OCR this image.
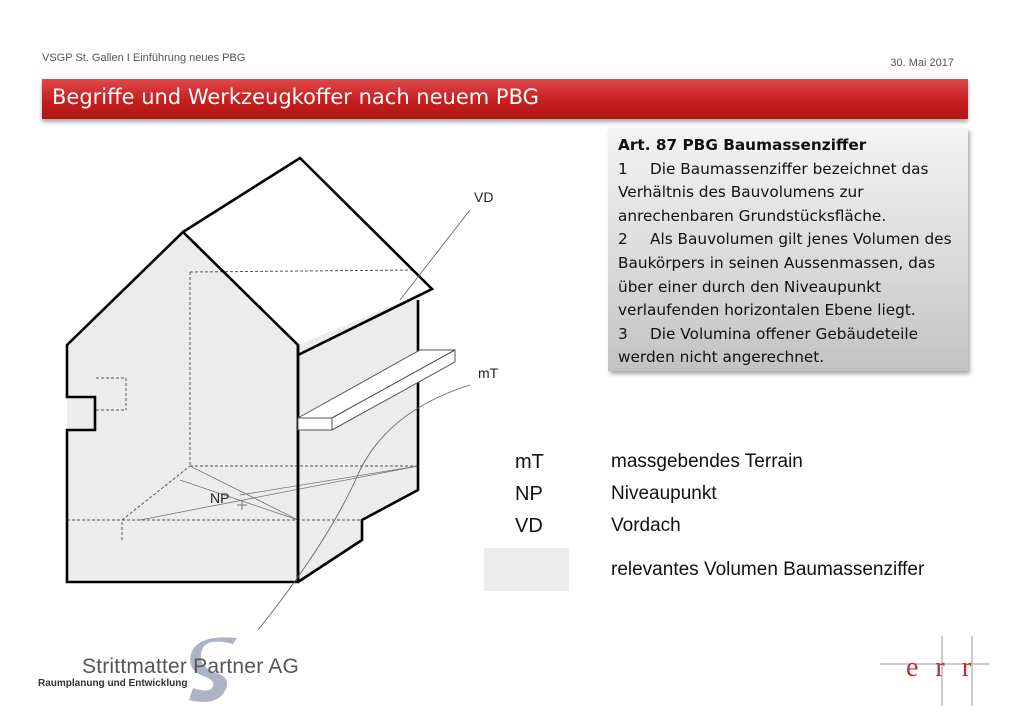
VSGP St. Gallen I Einführung neues PBG	30. Mai 2017
Begriffe und Werkzeugkoffer nach neuem PBG
Art. 87 PBG Baumassenziffer

1 Die Baumassenziffer bezeichnet das Verhältnis des Bauvolumens zur anrechenbaren Grundstücksfläche.

2 Als Bauvolumen gilt jenes Volumen des Baukörpers in seinen Aussenmassen, das über einer durch den Niveaupunkt verlaufenden horizontalen Ebene liegt.

3 Die Volumina offener Gebäudeteile werden nicht angerechnet.

VD
mT
NP
mT	massgebendes Terrain
NP	Niveaupunkt
VD	Vordach
relevantes Volumen Baumassenziffer
Strittmatter Partner AG
Raumplanung und Entwicklung
err
